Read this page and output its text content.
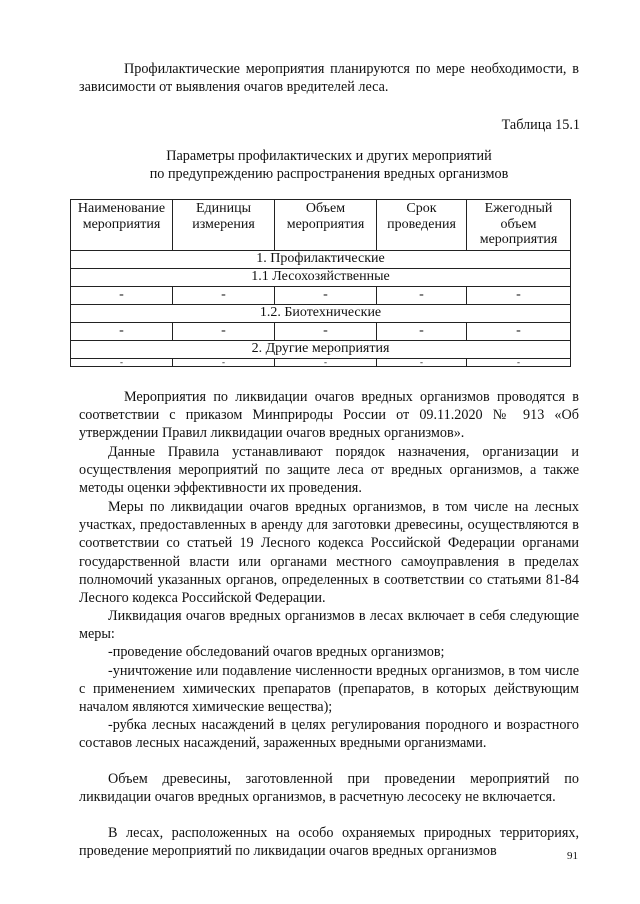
Профилактические мероприятия планируются по мере необходимости, в зависимости от выявления очагов вредителей леса.

Таблица 15.1
Параметры профилактических и других мероприятий
по предупреждению распространения вредных организмов
Наименование мероприятия	Единицы измерения	Объем мероприятия	Срок проведения	Ежегодный объем мероприятия
1. Профилактические				
1.1 Лесохозяйственные				
-	-	-	-	-
1.2. Биотехнические				
-	-	-	-	-
2. Другие мероприятия				
-	-	-	-	-

Мероприятия по ликвидации очагов вредных организмов проводятся в соответствии с приказом Минприроды России от 09.11.2020 № 913 «Об утверждении Правил ликвидации очагов вредных организмов».

Данные Правила устанавливают порядок назначения, организации и осуществления мероприятий по защите леса от вредных организмов, а также методы оценки эффективности их проведения.

Меры по ликвидации очагов вредных организмов, в том числе на лесных участках, предоставленных в аренду для заготовки древесины, осуществляются в соответствии со статьей 19 Лесного кодекса Российской Федерации органами государственной власти или органами местного самоуправления в пределах полномочий указанных органов, определенных в соответствии со статьями 81-84 Лесного кодекса Российской Федерации.

Ликвидация очагов вредных организмов в лесах включает в себя следующие меры:

-проведение обследований очагов вредных организмов;

-уничтожение или подавление численности вредных организмов, в том числе с применением химических препаратов (препаратов, в которых действующим началом являются химические вещества);

-рубка лесных насаждений в целях регулирования породного и возрастного составов лесных насаждений, зараженных вредными организмами.

Объем древесины, заготовленной при проведении мероприятий по ликвидации очагов вредных организмов, в расчетную лесосеку не включается.

В лесах, расположенных на особо охраняемых природных территориях, проведение мероприятий по ликвидации очагов вредных организмов	91
